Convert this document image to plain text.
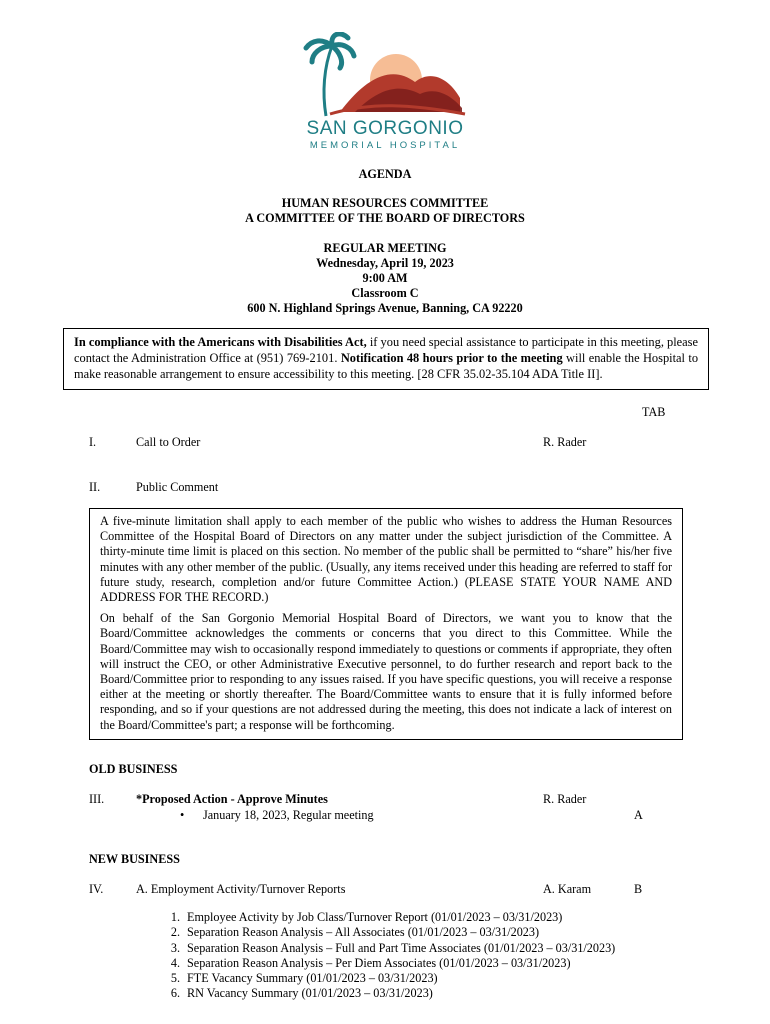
SAN GORGONIO
MEMORIAL HOSPITAL
AGENDA
HUMAN RESOURCES COMMITTEE
A COMMITTEE OF THE BOARD OF DIRECTORS
REGULAR MEETING
Wednesday, April 19, 2023
9:00 AM
Classroom C
600 N. Highland Springs Avenue, Banning, CA 92220
In compliance with the Americans with Disabilities Act, if you need special assistance to participate in this meeting, please contact the Administration Office at (951) 769-2101. Notification 48 hours prior to the meeting will enable the Hospital to make reasonable arrangement to ensure accessibility to this meeting. [28 CFR 35.02-35.104 ADA Title II].
TAB
I.	Call to Order	R. Rader
II.	Public Comment

A five-minute limitation shall apply to each member of the public who wishes to address the Human Resources Committee of the Hospital Board of Directors on any matter under the subject jurisdiction of the Committee. A thirty-minute time limit is placed on this section. No member of the public shall be permitted to “share” his/her five minutes with any other member of the public. (Usually, any items received under this heading are referred to staff for future study, research, completion and/or future Committee Action.) (PLEASE STATE YOUR NAME AND ADDRESS FOR THE RECORD.)

On behalf of the San Gorgonio Memorial Hospital Board of Directors, we want you to know that the Board/Committee acknowledges the comments or concerns that you direct to this Committee. While the Board/Committee may wish to occasionally respond immediately to questions or comments if appropriate, they often will instruct the CEO, or other Administrative Executive personnel, to do further research and report back to the Board/Committee prior to responding to any issues raised. If you have specific questions, you will receive a response either at the meeting or shortly thereafter. The Board/Committee wants to ensure that it is fully informed before responding, and so if your questions are not addressed during the meeting, this does not indicate a lack of interest on the Board/Committee's part; a response will be forthcoming.

OLD BUSINESS
III.	*Proposed Action - Approve Minutes	R. Rader
• January 18, 2023, Regular meeting	A
NEW BUSINESS
IV.	A. Employment Activity/Turnover Reports	A. Karam	B
1. Employee Activity by Job Class/Turnover Report (01/01/2023 – 03/31/2023)
2. Separation Reason Analysis – All Associates (01/01/2023 – 03/31/2023)
3. Separation Reason Analysis – Full and Part Time Associates (01/01/2023 – 03/31/2023)
4. Separation Reason Analysis – Per Diem Associates (01/01/2023 – 03/31/2023)
5. FTE Vacancy Summary (01/01/2023 – 03/31/2023)
6. RN Vacancy Summary (01/01/2023 – 03/31/2023)
